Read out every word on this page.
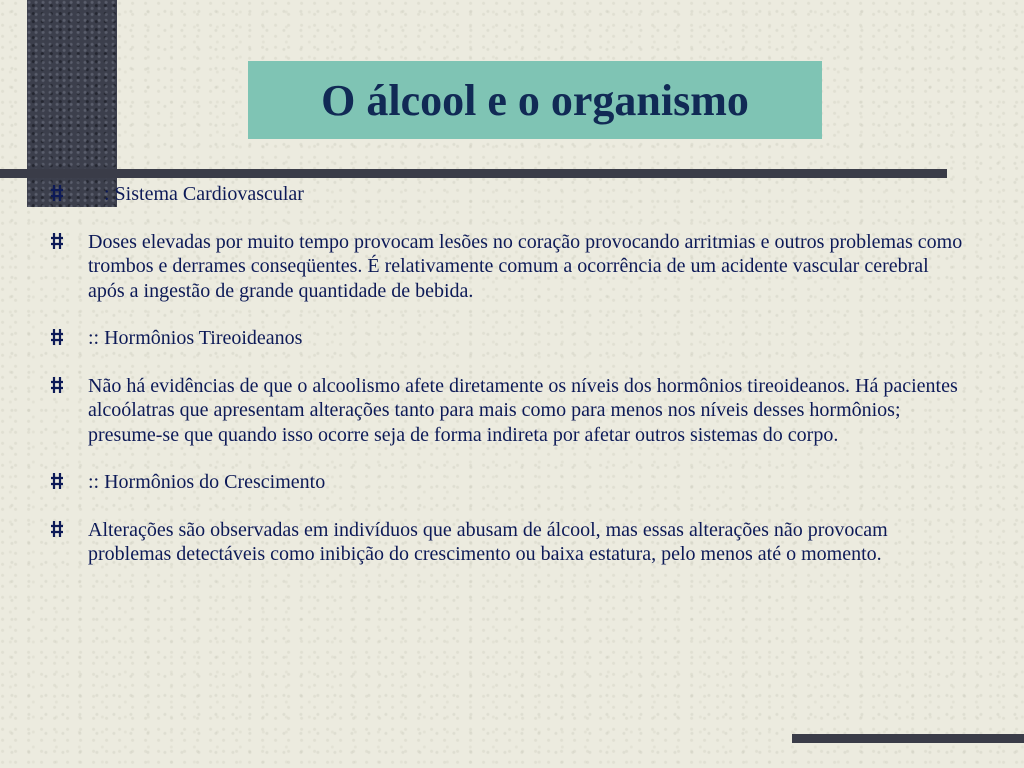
O álcool e o organismo
: Sistema Cardiovascular
Doses elevadas por muito tempo provocam lesões no coração provocando arritmias e outros problemas como trombos e derrames conseqüentes. É relativamente comum a ocorrência de um acidente vascular cerebral após a ingestão de grande quantidade de bebida.
:: Hormônios Tireoideanos
Não há evidências de que o alcoolismo afete diretamente os níveis dos hormônios tireoideanos. Há pacientes alcoólatras que apresentam alterações tanto para mais como para menos nos níveis desses hormônios; presume-se que quando isso ocorre seja de forma indireta por afetar outros sistemas do corpo.
:: Hormônios do Crescimento
Alterações são observadas em indivíduos que abusam de álcool, mas essas alterações não provocam problemas detectáveis como inibição do crescimento ou baixa estatura, pelo menos até o momento.
